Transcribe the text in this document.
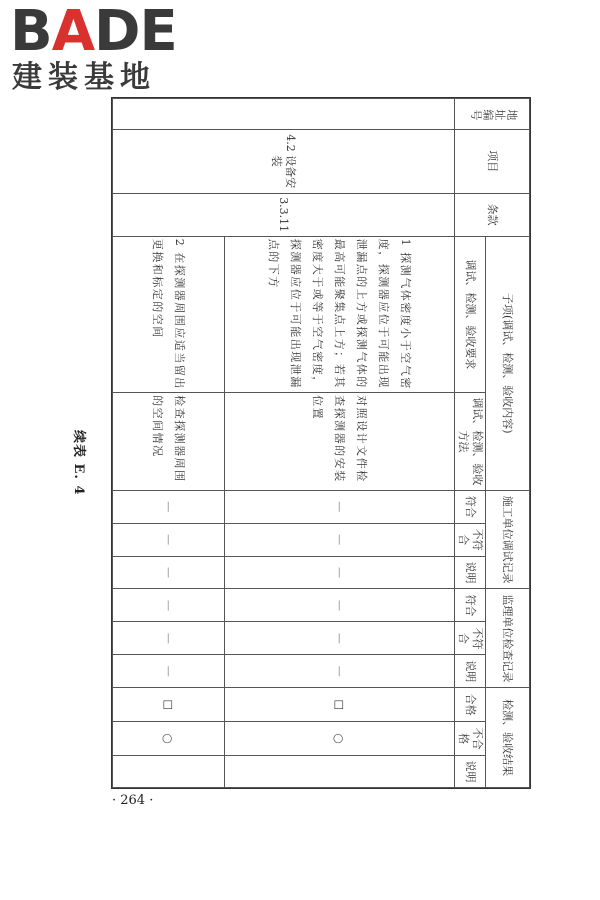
BADE
建装基地
续表 E. 4
地址编号	项目	条款	子项(调试、检测、验收内容)		施工单位调试记录			监理单位检查记录			检测、验收结果		
			调试、检测、验收要求	调试、检测、验收方法	符合	不符合	说明	符合	不符合	说明	合格	不合格	说明
	4.2 设备安装	3.3.11	1 探测气体密度小于空气密度，探测器应位于可能出现泄漏点的上方或探测气体的最高可能聚集点上方；若其密度大于或等于空气密度，探测器应位于可能出现泄漏点的下方	对照设计文件检查探测器的安装位置	—	—	—	—	—	—	□	○	

			2 在探测器周围应适当留出更换和标定的空间	检查探测器周围的空间情况	—	—	—	—	—	—	□	○	
· 264 ·
